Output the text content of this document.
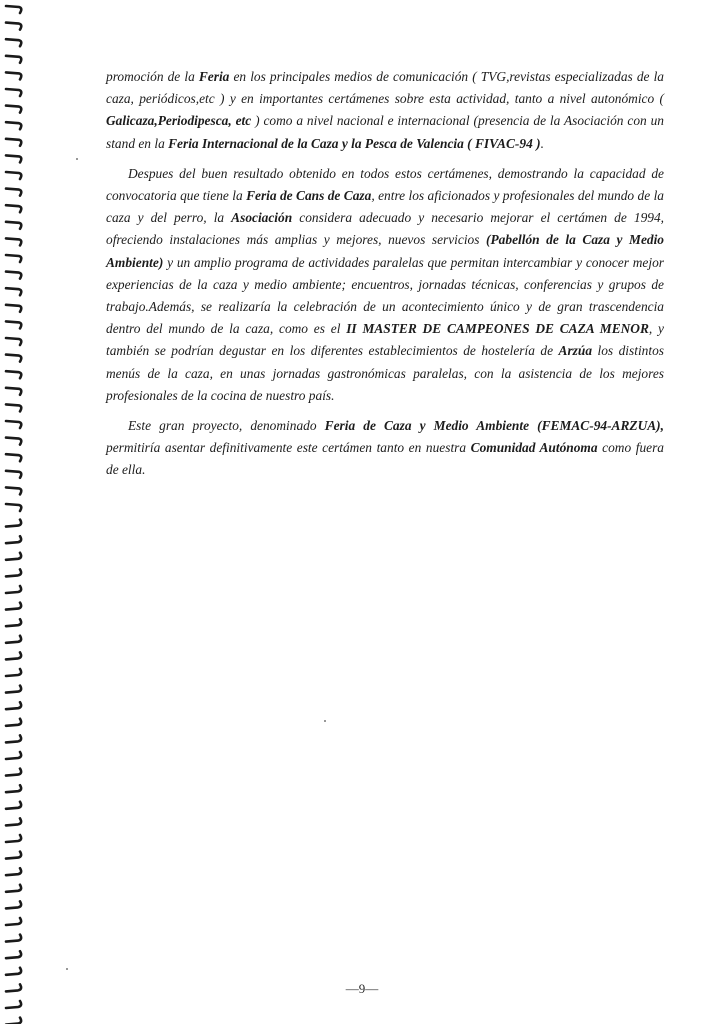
promoción de la Feria en los principales medios de comunicación ( TVG,revistas especializadas de la caza, periódicos,etc ) y en importantes certámenes sobre esta actividad, tanto a nivel autonómico ( Galicaza,Periodipesca, etc ) como a nivel nacional e internacional (presencia de la Asociación con un stand en la Feria Internacional de la Caza y la Pesca de Valencia ( FIVAC-94 ).

Despues del buen resultado obtenido en todos estos certámenes, demostrando la capacidad de convocatoria que tiene la Feria de Cans de Caza, entre los aficionados y profesionales del mundo de la caza y del perro, la Asociación considera adecuado y necesario mejorar el certámen de 1994, ofreciendo instalaciones más amplias y mejores, nuevos servicios (Pabellón de la Caza y Medio Ambiente) y un amplio programa de actividades paralelas que permitan intercambiar y conocer mejor experiencias de la caza y medio ambiente; encuentros, jornadas técnicas, conferencias y grupos de trabajo.Además, se realizaría la celebración de un acontecimiento único y de gran trascendencia dentro del mundo de la caza, como es el II MASTER DE CAMPEONES DE CAZA MENOR, y también se podrían degustar en los diferentes establecimientos de hostelería de Arzúa los distintos menús de la caza, en unas jornadas gastronómicas paralelas, con la asistencia de los mejores profesionales de la cocina de nuestro país.

Este gran proyecto, denominado Feria de Caza y Medio Ambiente (FEMAC-94-ARZUA), permitiría asentar definitivamente este certámen tanto en nuestra Comunidad Autónoma como fuera de ella.

—9—
